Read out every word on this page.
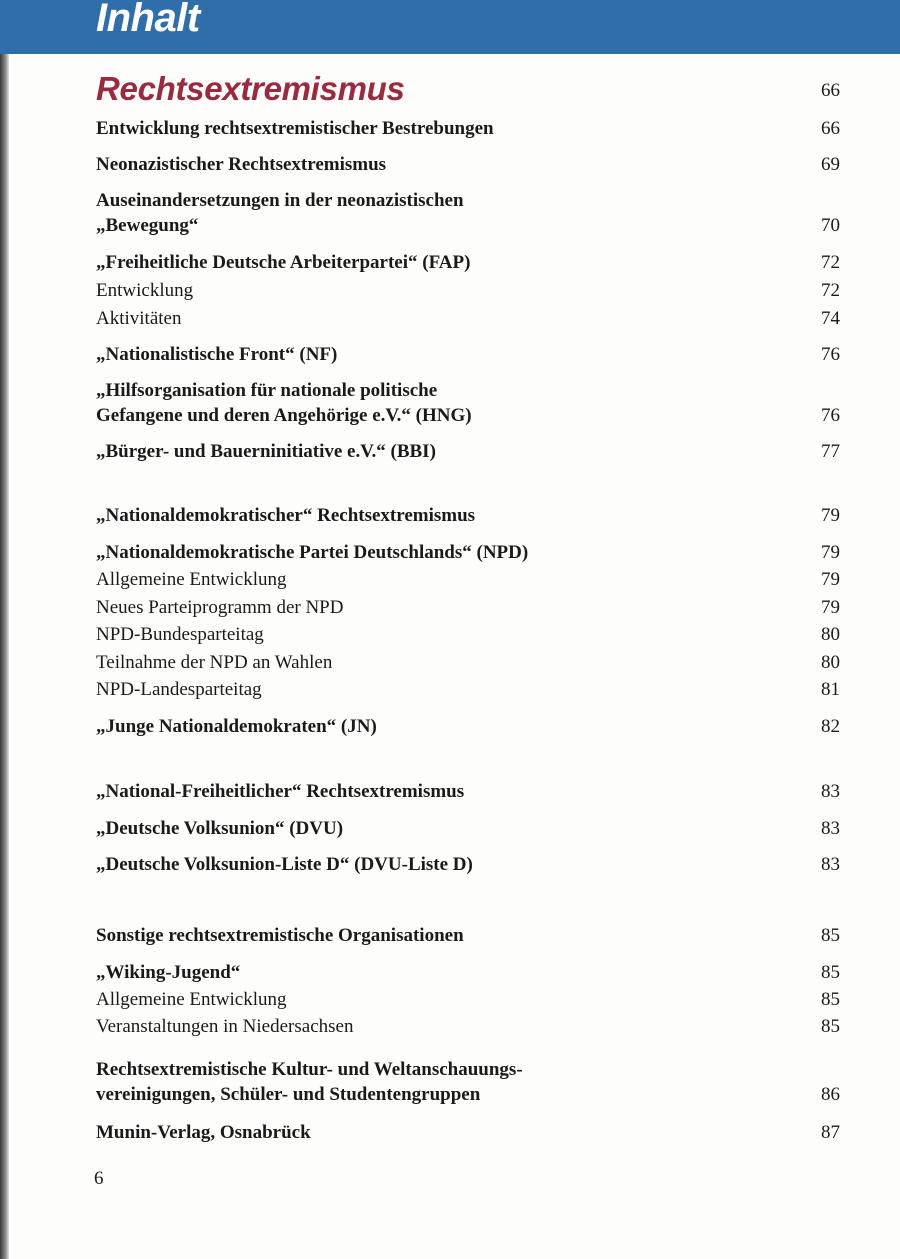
Inhalt
Rechtsextremismus	66
Entwicklung rechtsextremistischer Bestrebungen	66
Neonazistischer Rechtsextremismus	69
Auseinandersetzungen in der neonazistischen
„Bewegung“	70
„Freiheitliche Deutsche Arbeiterpartei“ (FAP)	72
Entwicklung	72
Aktivitäten	74
„Nationalistische Front“ (NF)	76
„Hilfsorganisation für nationale politische
Gefangene und deren Angehörige e.V.“ (HNG)	76
„Bürger- und Bauerninitiative e.V.“ (BBI)	77
„Nationaldemokratischer“ Rechtsextremismus	79
„Nationaldemokratische Partei Deutschlands“ (NPD)	79
Allgemeine Entwicklung	79
Neues Parteiprogramm der NPD	79
NPD-Bundesparteitag	80
Teilnahme der NPD an Wahlen	80
NPD-Landesparteitag	81
„Junge Nationaldemokraten“ (JN)	82
„National-Freiheitlicher“ Rechtsextremismus	83
„Deutsche Volksunion“ (DVU)	83
„Deutsche Volksunion-Liste D“ (DVU-Liste D)	83
Sonstige rechtsextremistische Organisationen	85
„Wiking-Jugend“	85
Allgemeine Entwicklung	85
Veranstaltungen in Niedersachsen	85
Rechtsextremistische Kultur- und Weltanschauungs-
vereinigungen, Schüler- und Studentengruppen	86
Munin-Verlag, Osnabrück	87
6
